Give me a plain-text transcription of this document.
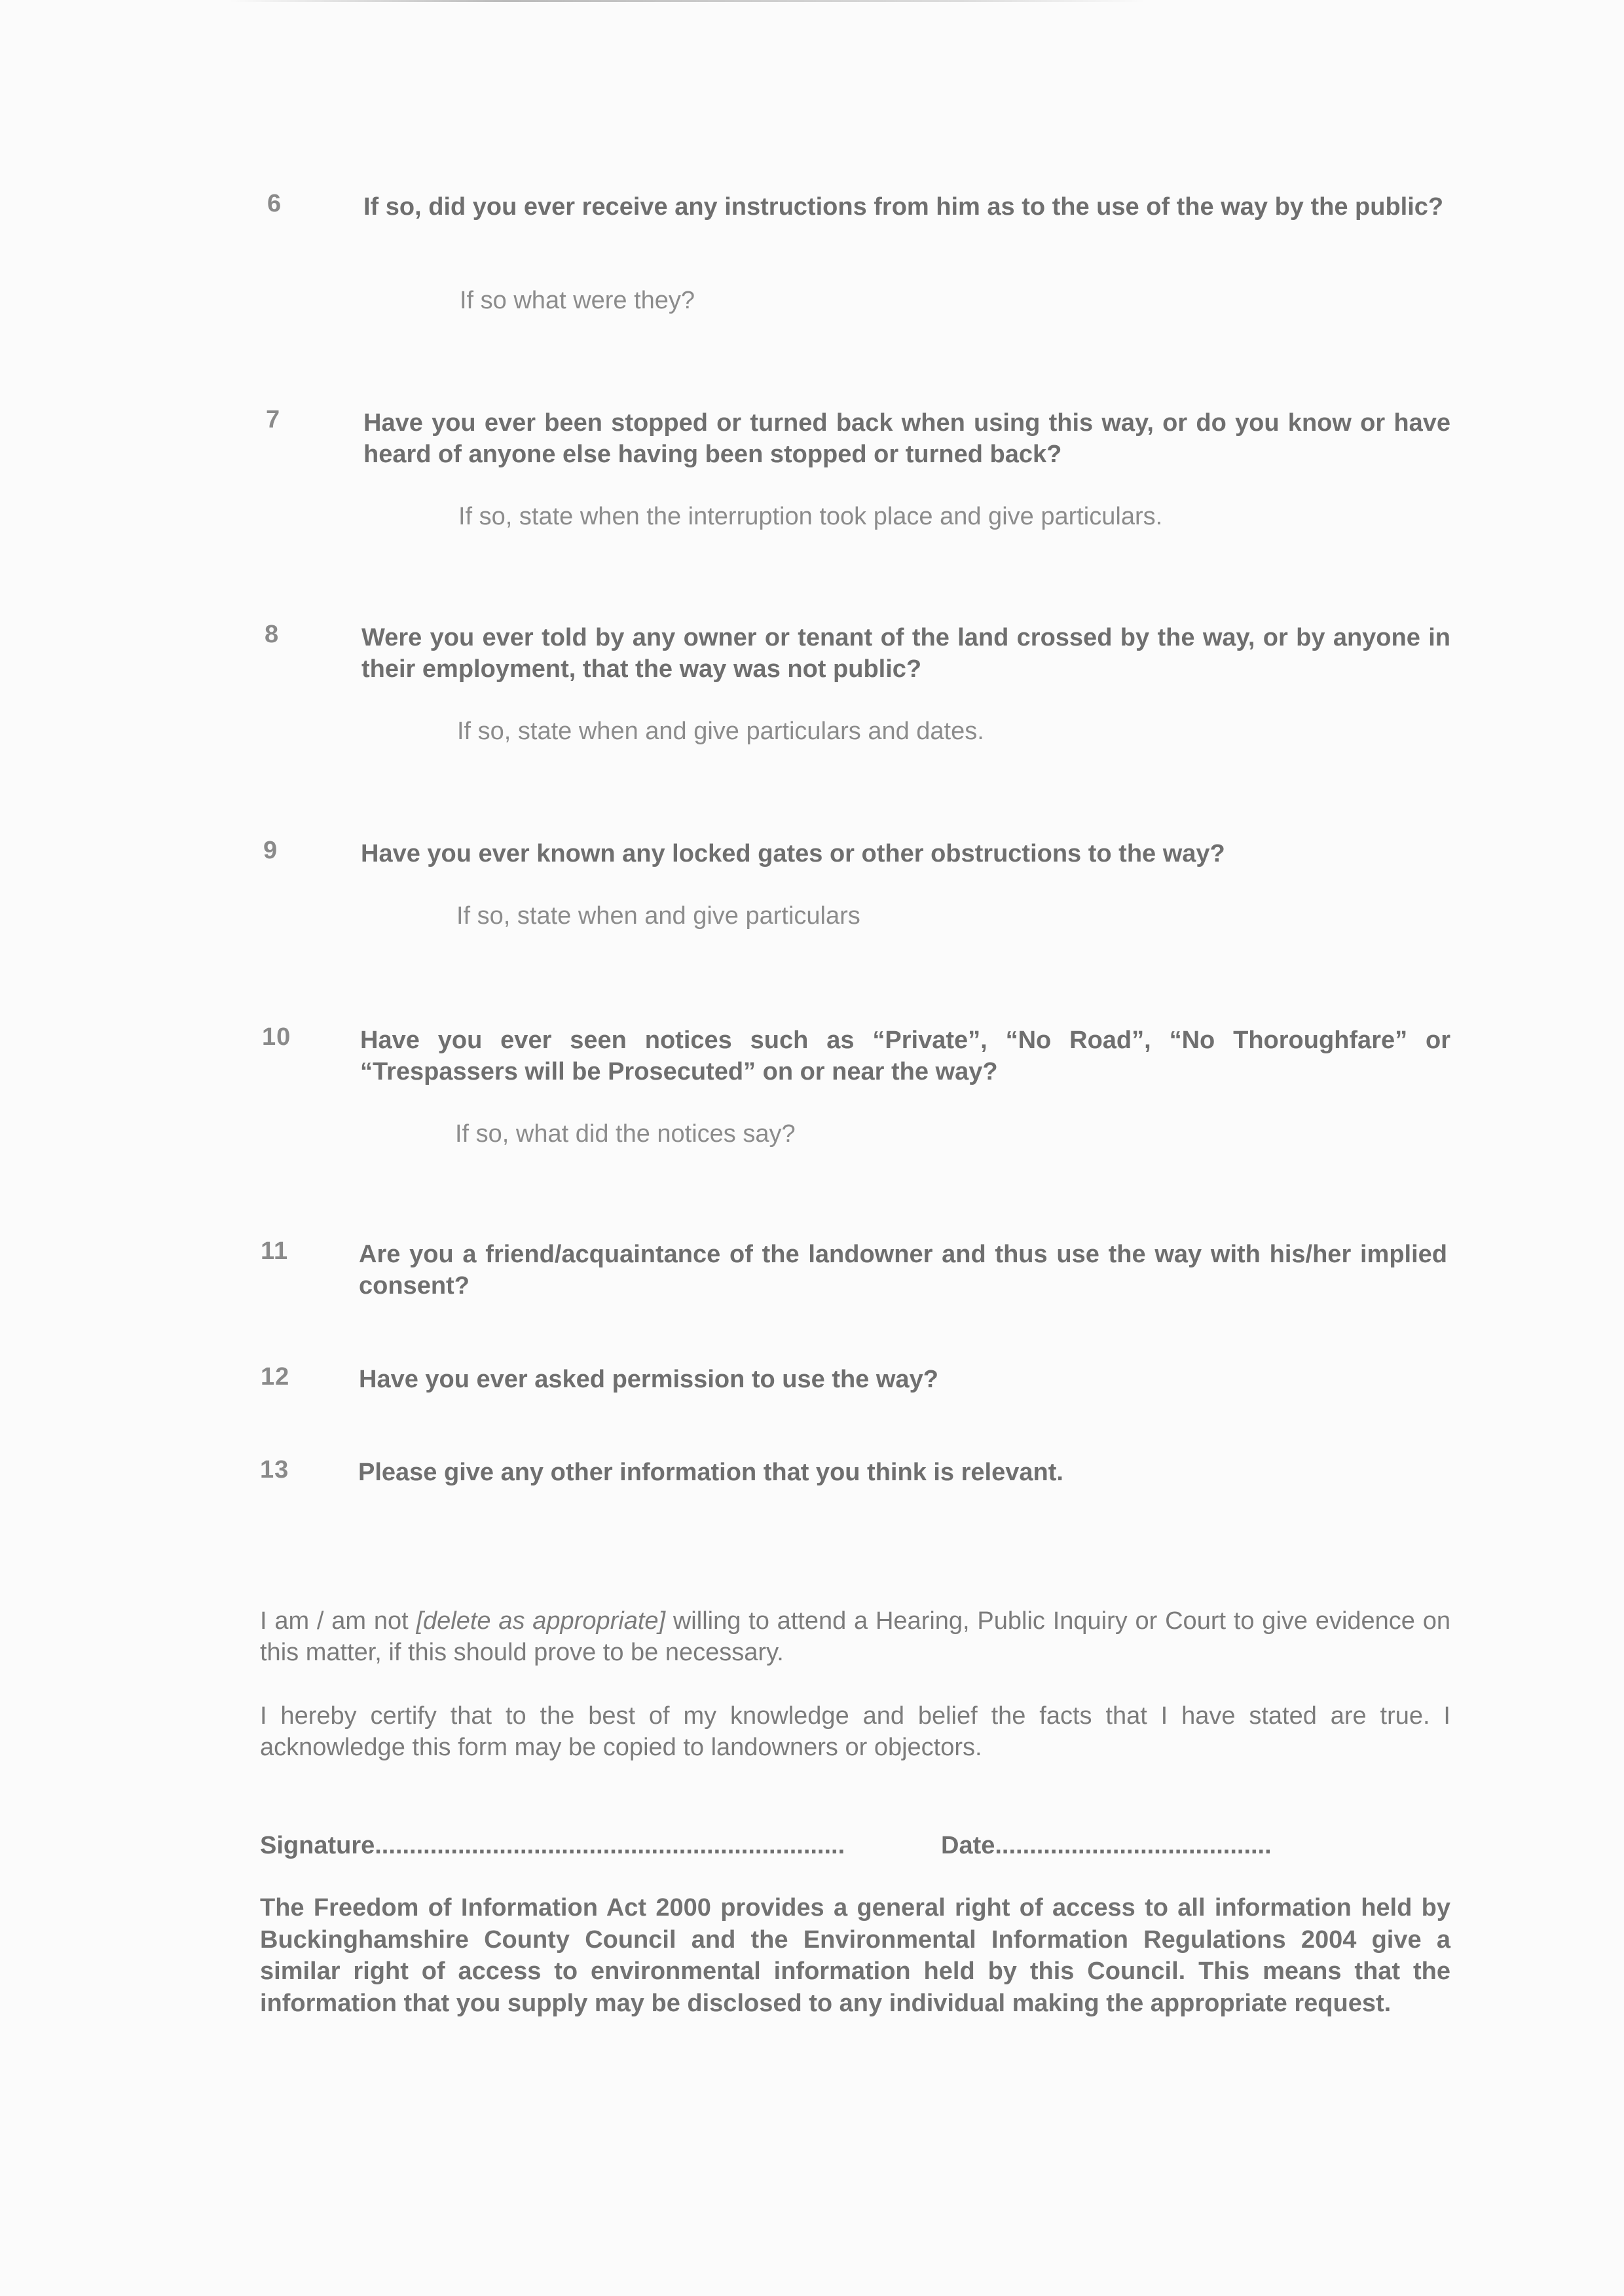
6	If so, did you ever receive any instructions from him as to the use of the way by the public?
If so what were they?
7	Have you ever been stopped or turned back when using this way, or do you know or have heard of anyone else having been stopped or turned back?
If so, state when the interruption took place and give particulars.
8	Were you ever told by any owner or tenant of the land crossed by the way, or by anyone in their employment, that the way was not public?
If so, state when and give particulars and dates.
9	Have you ever known any locked gates or other obstructions to the way?
If so, state when and give particulars
10	Have you ever seen notices such as “Private”, “No Road”, “No Thoroughfare” or “Trespassers will be Prosecuted” on or near the way?
If so, what did the notices say?
11	Are you a friend/acquaintance of the landowner and thus use the way with his/her implied consent?
12	Have you ever asked permission to use the way?
13	Please give any other information that you think is relevant.
I am / am not [delete as appropriate] willing to attend a Hearing, Public Inquiry or Court to give evidence on this matter, if this should prove to be necessary.
I hereby certify that to the best of my knowledge and belief the facts that I have stated are true. I acknowledge this form may be copied to landowners or objectors.
Signature....................................................................	Date........................................
The Freedom of Information Act 2000 provides a general right of access to all information held by Buckinghamshire County Council and the Environmental Information Regulations 2004 give a similar right of access to environmental information held by this Council. This means that the information that you supply may be disclosed to any individual making the appropriate request.
